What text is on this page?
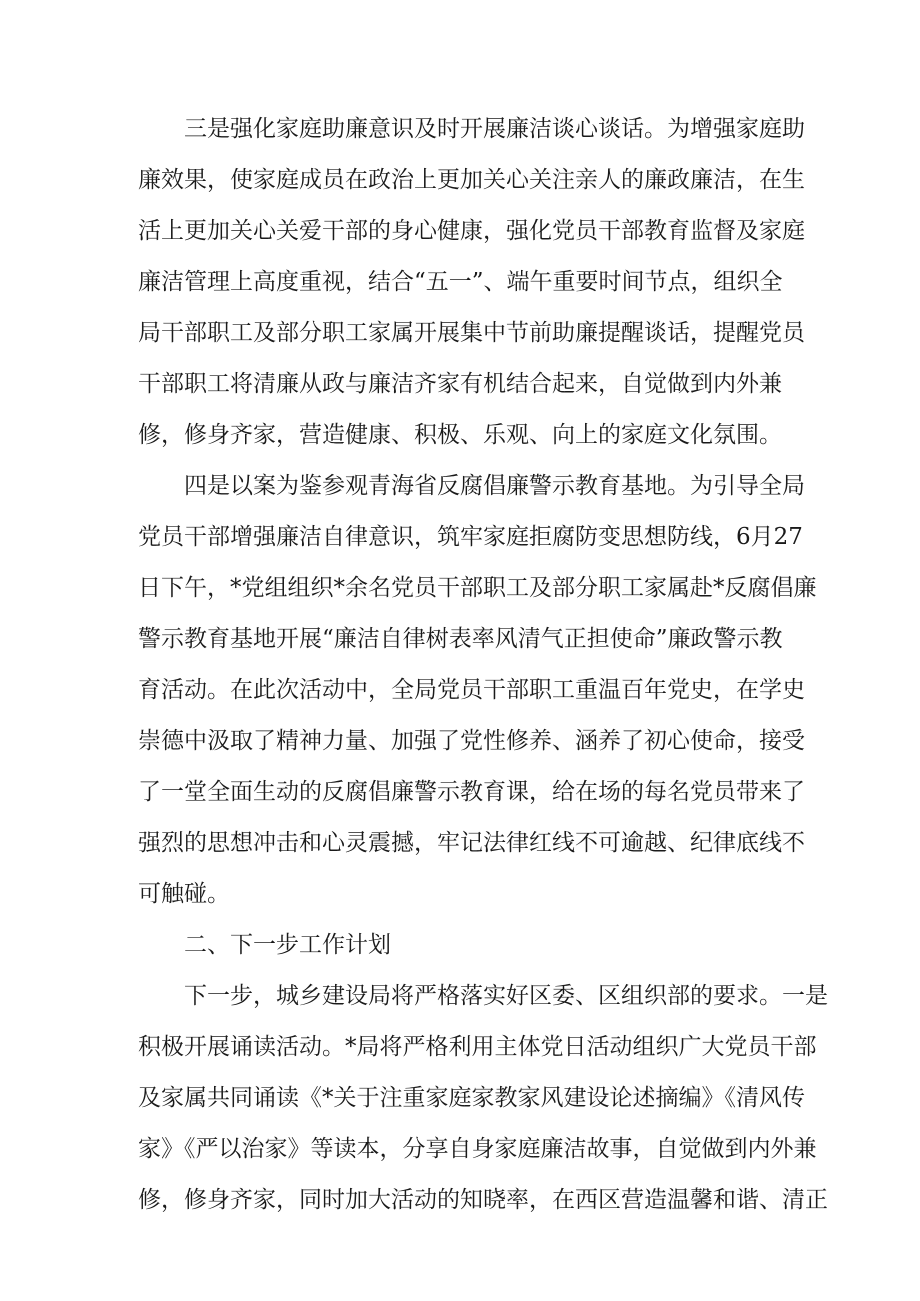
三是强化家庭助廉意识及时开展廉洁谈心谈话。为增强家庭助
廉效果，使家庭成员在政治上更加关心关注亲人的廉政廉洁，在生
活上更加关心关爱干部的身心健康，强化党员干部教育监督及家庭
廉洁管理上高度重视，结合“五一”、端午重要时间节点，组织全
局干部职工及部分职工家属开展集中节前助廉提醒谈话，提醒党员
干部职工将清廉从政与廉洁齐家有机结合起来，自觉做到内外兼
修，修身齐家，营造健康、积极、乐观、向上的家庭文化氛围。
四是以案为鉴参观青海省反腐倡廉警示教育基地。为引导全局
党员干部增强廉洁自律意识，筑牢家庭拒腐防变思想防线，6月27
日下午，*党组组织*余名党员干部职工及部分职工家属赴*反腐倡廉
警示教育基地开展“廉洁自律树表率风清气正担使命”廉政警示教
育活动。在此次活动中，全局党员干部职工重温百年党史，在学史
崇德中汲取了精神力量、加强了党性修养、涵养了初心使命，接受
了一堂全面生动的反腐倡廉警示教育课，给在场的每名党员带来了
强烈的思想冲击和心灵震撼，牢记法律红线不可逾越、纪律底线不
可触碰。
二、下一步工作计划
下一步，城乡建设局将严格落实好区委、区组织部的要求。一是
积极开展诵读活动。*局将严格利用主体党日活动组织广大党员干部
及家属共同诵读《*关于注重家庭家教家风建设论述摘编》《清风传
家》《严以治家》等读本，分享自身家庭廉洁故事，自觉做到内外兼
修，修身齐家，同时加大活动的知晓率，在西区营造温馨和谐、清正
